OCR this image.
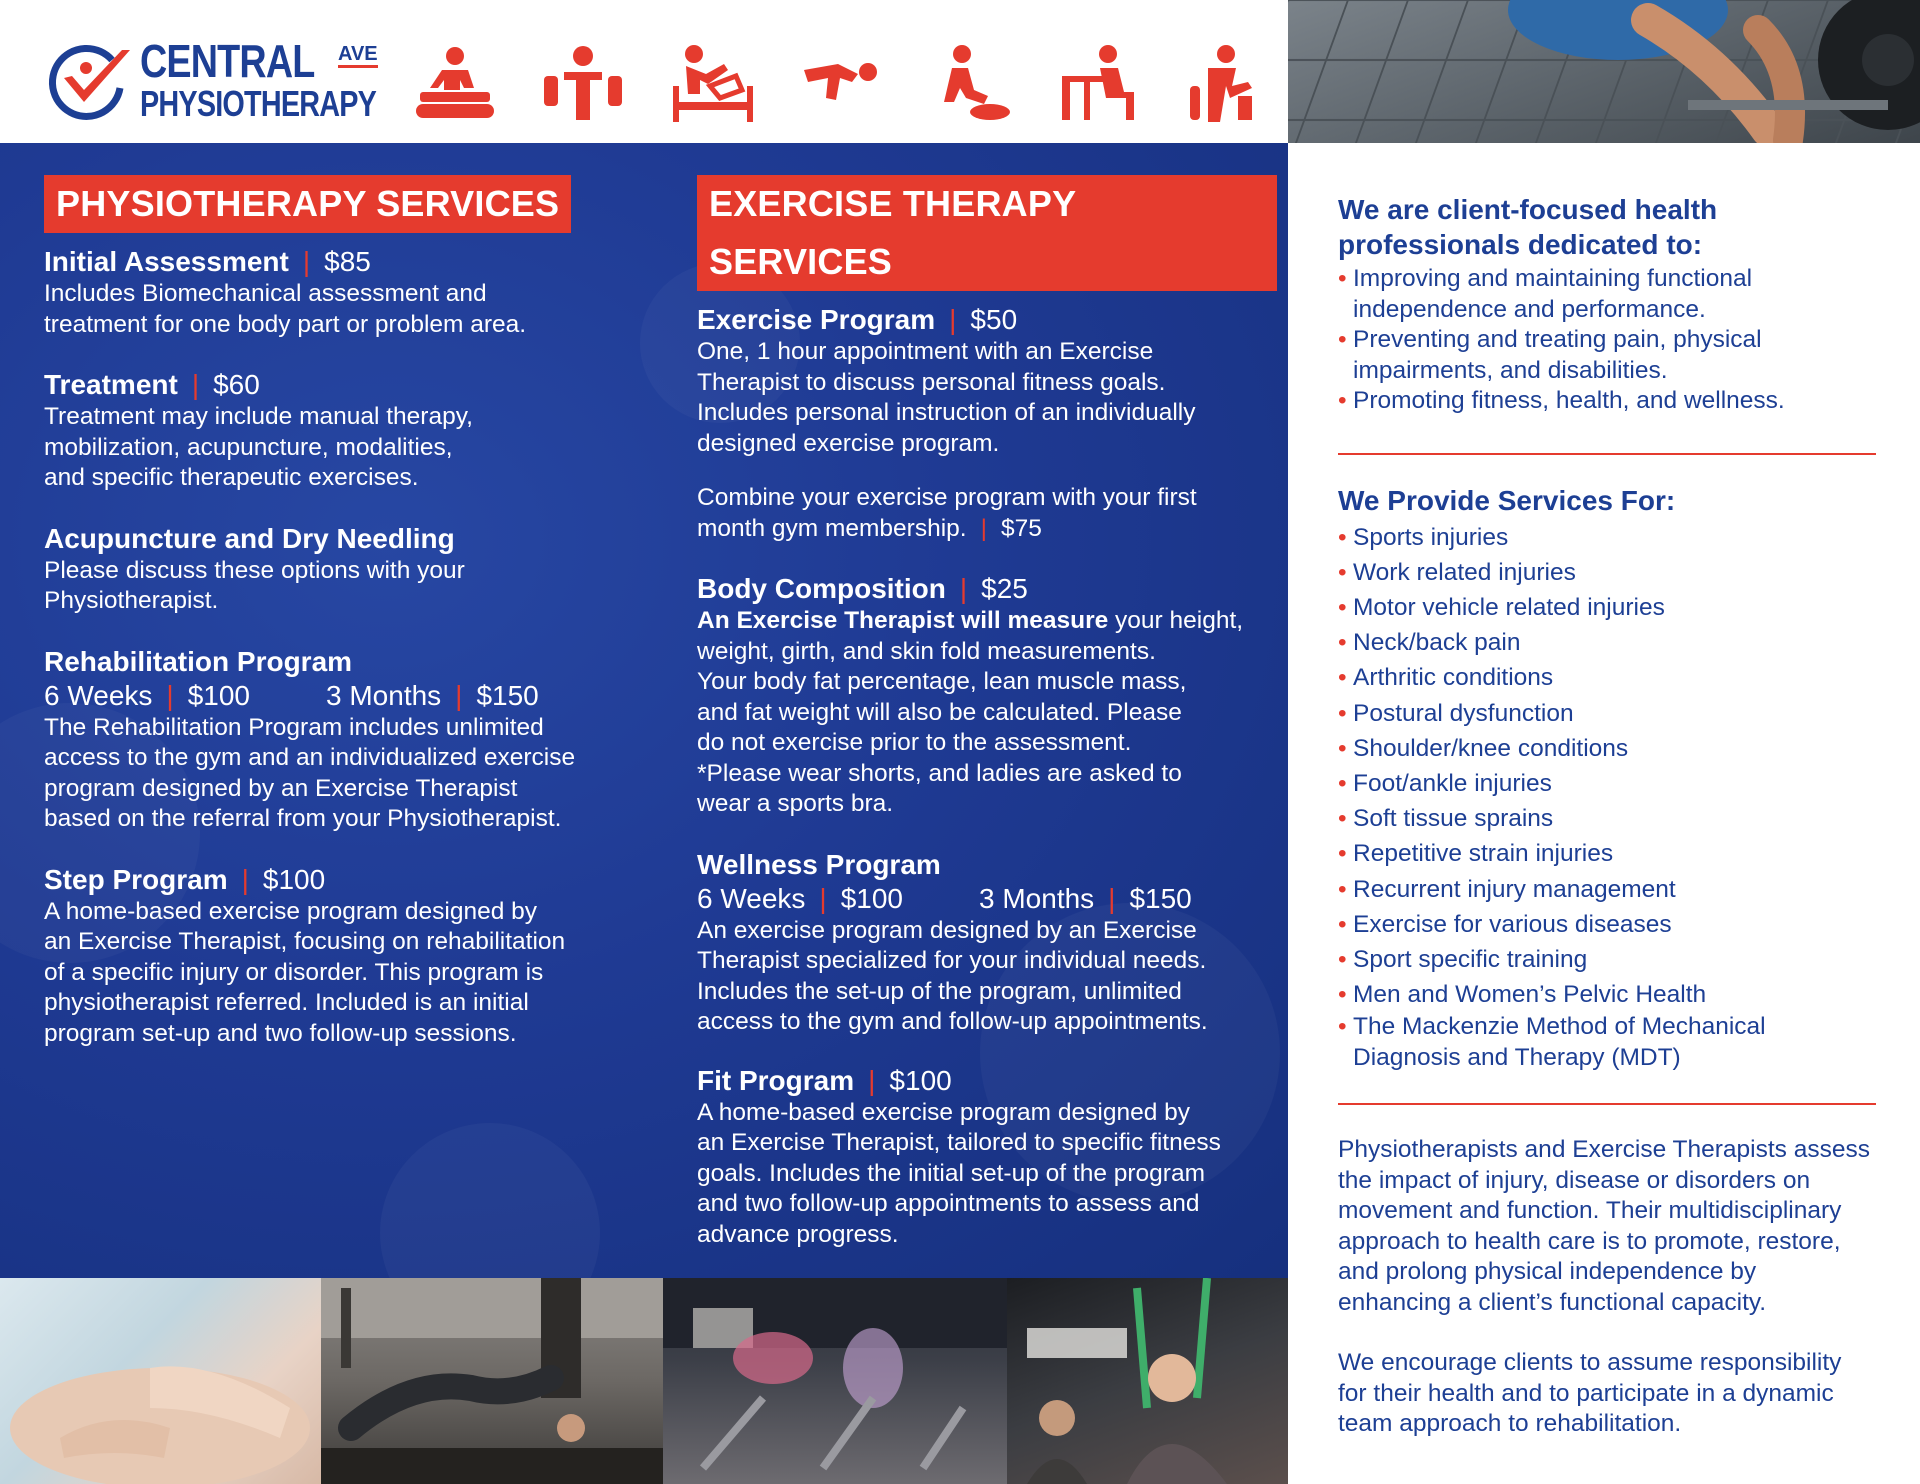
CENTRAL AVE
PHYSIOTHERAPY
PHYSIOTHERAPY SERVICES
Initial Assessment | $85
Includes Biomechanical assessment and
treatment for one body part or problem area.
Treatment | $60
Treatment may include manual therapy,
mobilization, acupuncture, modalities,
and specific therapeutic exercises.
Acupuncture and Dry Needling
Please discuss these options with your
Physiotherapist.
Rehabilitation Program
6 Weeks | $100	3 Months | $150
The Rehabilitation Program includes unlimited
access to the gym and an individualized exercise
program designed by an Exercise Therapist
based on the referral from your Physiotherapist.
Step Program | $100
A home-based exercise program designed by
an Exercise Therapist, focusing on rehabilitation
of a specific injury or disorder. This program is
physiotherapist referred. Included is an initial
program set-up and two follow-up sessions.
EXERCISE THERAPY SERVICES
Exercise Program | $50
One, 1 hour appointment with an Exercise
Therapist to discuss personal fitness goals.
Includes personal instruction of an individually
designed exercise program.
Combine your exercise program with your first
month gym membership. | $75
Body Composition | $25
An Exercise Therapist will measure your height,
weight, girth, and skin fold measurements.
Your body fat percentage, lean muscle mass,
and fat weight will also be calculated. Please
do not exercise prior to the assessment.
*Please wear shorts, and ladies are asked to
wear a sports bra.
Wellness Program
6 Weeks | $100	3 Months | $150
An exercise program designed by an Exercise
Therapist specialized for your individual needs.
Includes the set-up of the program, unlimited
access to the gym and follow-up appointments.
Fit Program | $100
A home-based exercise program designed by
an Exercise Therapist, tailored to specific fitness
goals. Includes the initial set-up of the program
and two follow-up appointments to assess and
advance progress.
We are client-focused health
professionals dedicated to:
• Improving and maintaining functional
independence and performance.
• Preventing and treating pain, physical
impairments, and disabilities.
• Promoting fitness, health, and wellness.
We Provide Services For:
• Sports injuries
• Work related injuries
• Motor vehicle related injuries
• Neck/back pain
• Arthritic conditions
• Postural dysfunction
• Shoulder/knee conditions
• Foot/ankle injuries
• Soft tissue sprains
• Repetitive strain injuries
• Recurrent injury management
• Exercise for various diseases
• Sport specific training
• Men and Women’s Pelvic Health
• The Mackenzie Method of Mechanical
Diagnosis and Therapy (MDT)
Physiotherapists and Exercise Therapists assess
the impact of injury, disease or disorders on
movement and function. Their multidisciplinary
approach to health care is to promote, restore,
and prolong physical independence by
enhancing a client’s functional capacity.
We encourage clients to assume responsibility
for their health and to participate in a dynamic
team approach to rehabilitation.
